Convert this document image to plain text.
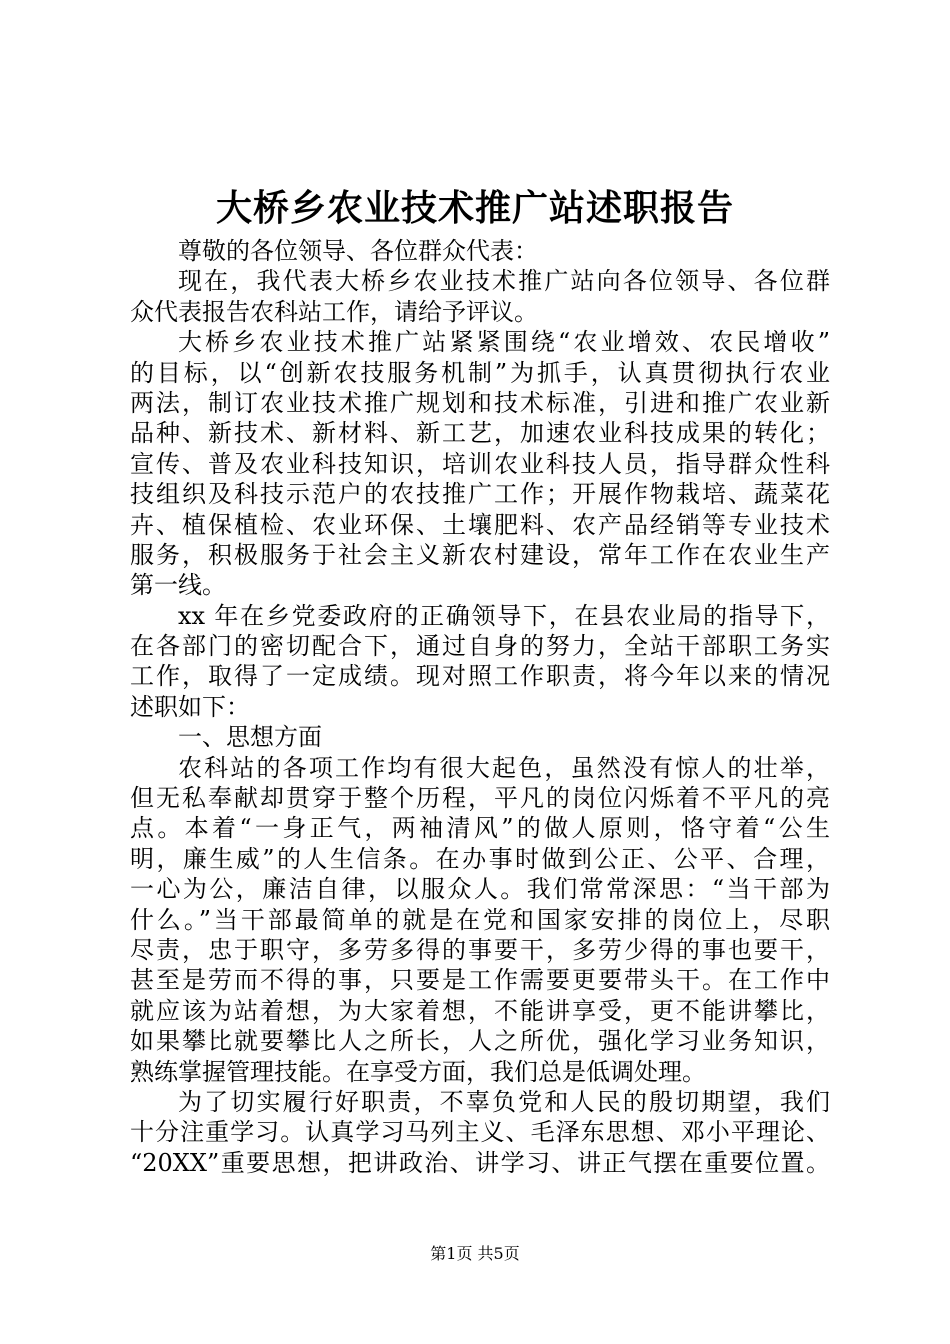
大桥乡农业技术推广站述职报告
尊敬的各位领导、各位群众代表：
现在，我代表大桥乡农业技术推广站向各位领导、各位群
众代表报告农科站工作，请给予评议。
大桥乡农业技术推广站紧紧围绕“农业增效、农民增收”
的目标，以“创新农技服务机制”为抓手，认真贯彻执行农业
两法，制订农业技术推广规划和技术标准，引进和推广农业新
品种、新技术、新材料、新工艺，加速农业科技成果的转化；
宣传、普及农业科技知识，培训农业科技人员，指导群众性科
技组织及科技示范户的农技推广工作；开展作物栽培、蔬菜花
卉、植保植检、农业环保、土壤肥料、农产品经销等专业技术
服务，积极服务于社会主义新农村建设，常年工作在农业生产
第一线。
xx 年在乡党委政府的正确领导下，在县农业局的指导下，
在各部门的密切配合下，通过自身的努力，全站干部职工务实
工作，取得了一定成绩。现对照工作职责，将今年以来的情况
述职如下：
一、思想方面
农科站的各项工作均有很大起色，虽然没有惊人的壮举，
但无私奉献却贯穿于整个历程，平凡的岗位闪烁着不平凡的亮
点。本着“一身正气，两袖清风”的做人原则，恪守着“公生
明，廉生威”的人生信条。在办事时做到公正、公平、合理，
一心为公，廉洁自律，以服众人。我们常常深思：“当干部为
什么。”当干部最简单的就是在党和国家安排的岗位上，尽职
尽责，忠于职守，多劳多得的事要干，多劳少得的事也要干，
甚至是劳而不得的事，只要是工作需要更要带头干。在工作中
就应该为站着想，为大家着想，不能讲享受，更不能讲攀比，
如果攀比就要攀比人之所长，人之所优，强化学习业务知识，
熟练掌握管理技能。在享受方面，我们总是低调处理。
为了切实履行好职责，不辜负党和人民的殷切期望，我们
十分注重学习。认真学习马列主义、毛泽东思想、邓小平理论、
“20XX”重要思想，把讲政治、讲学习、讲正气摆在重要位置。
第1页 共5页
